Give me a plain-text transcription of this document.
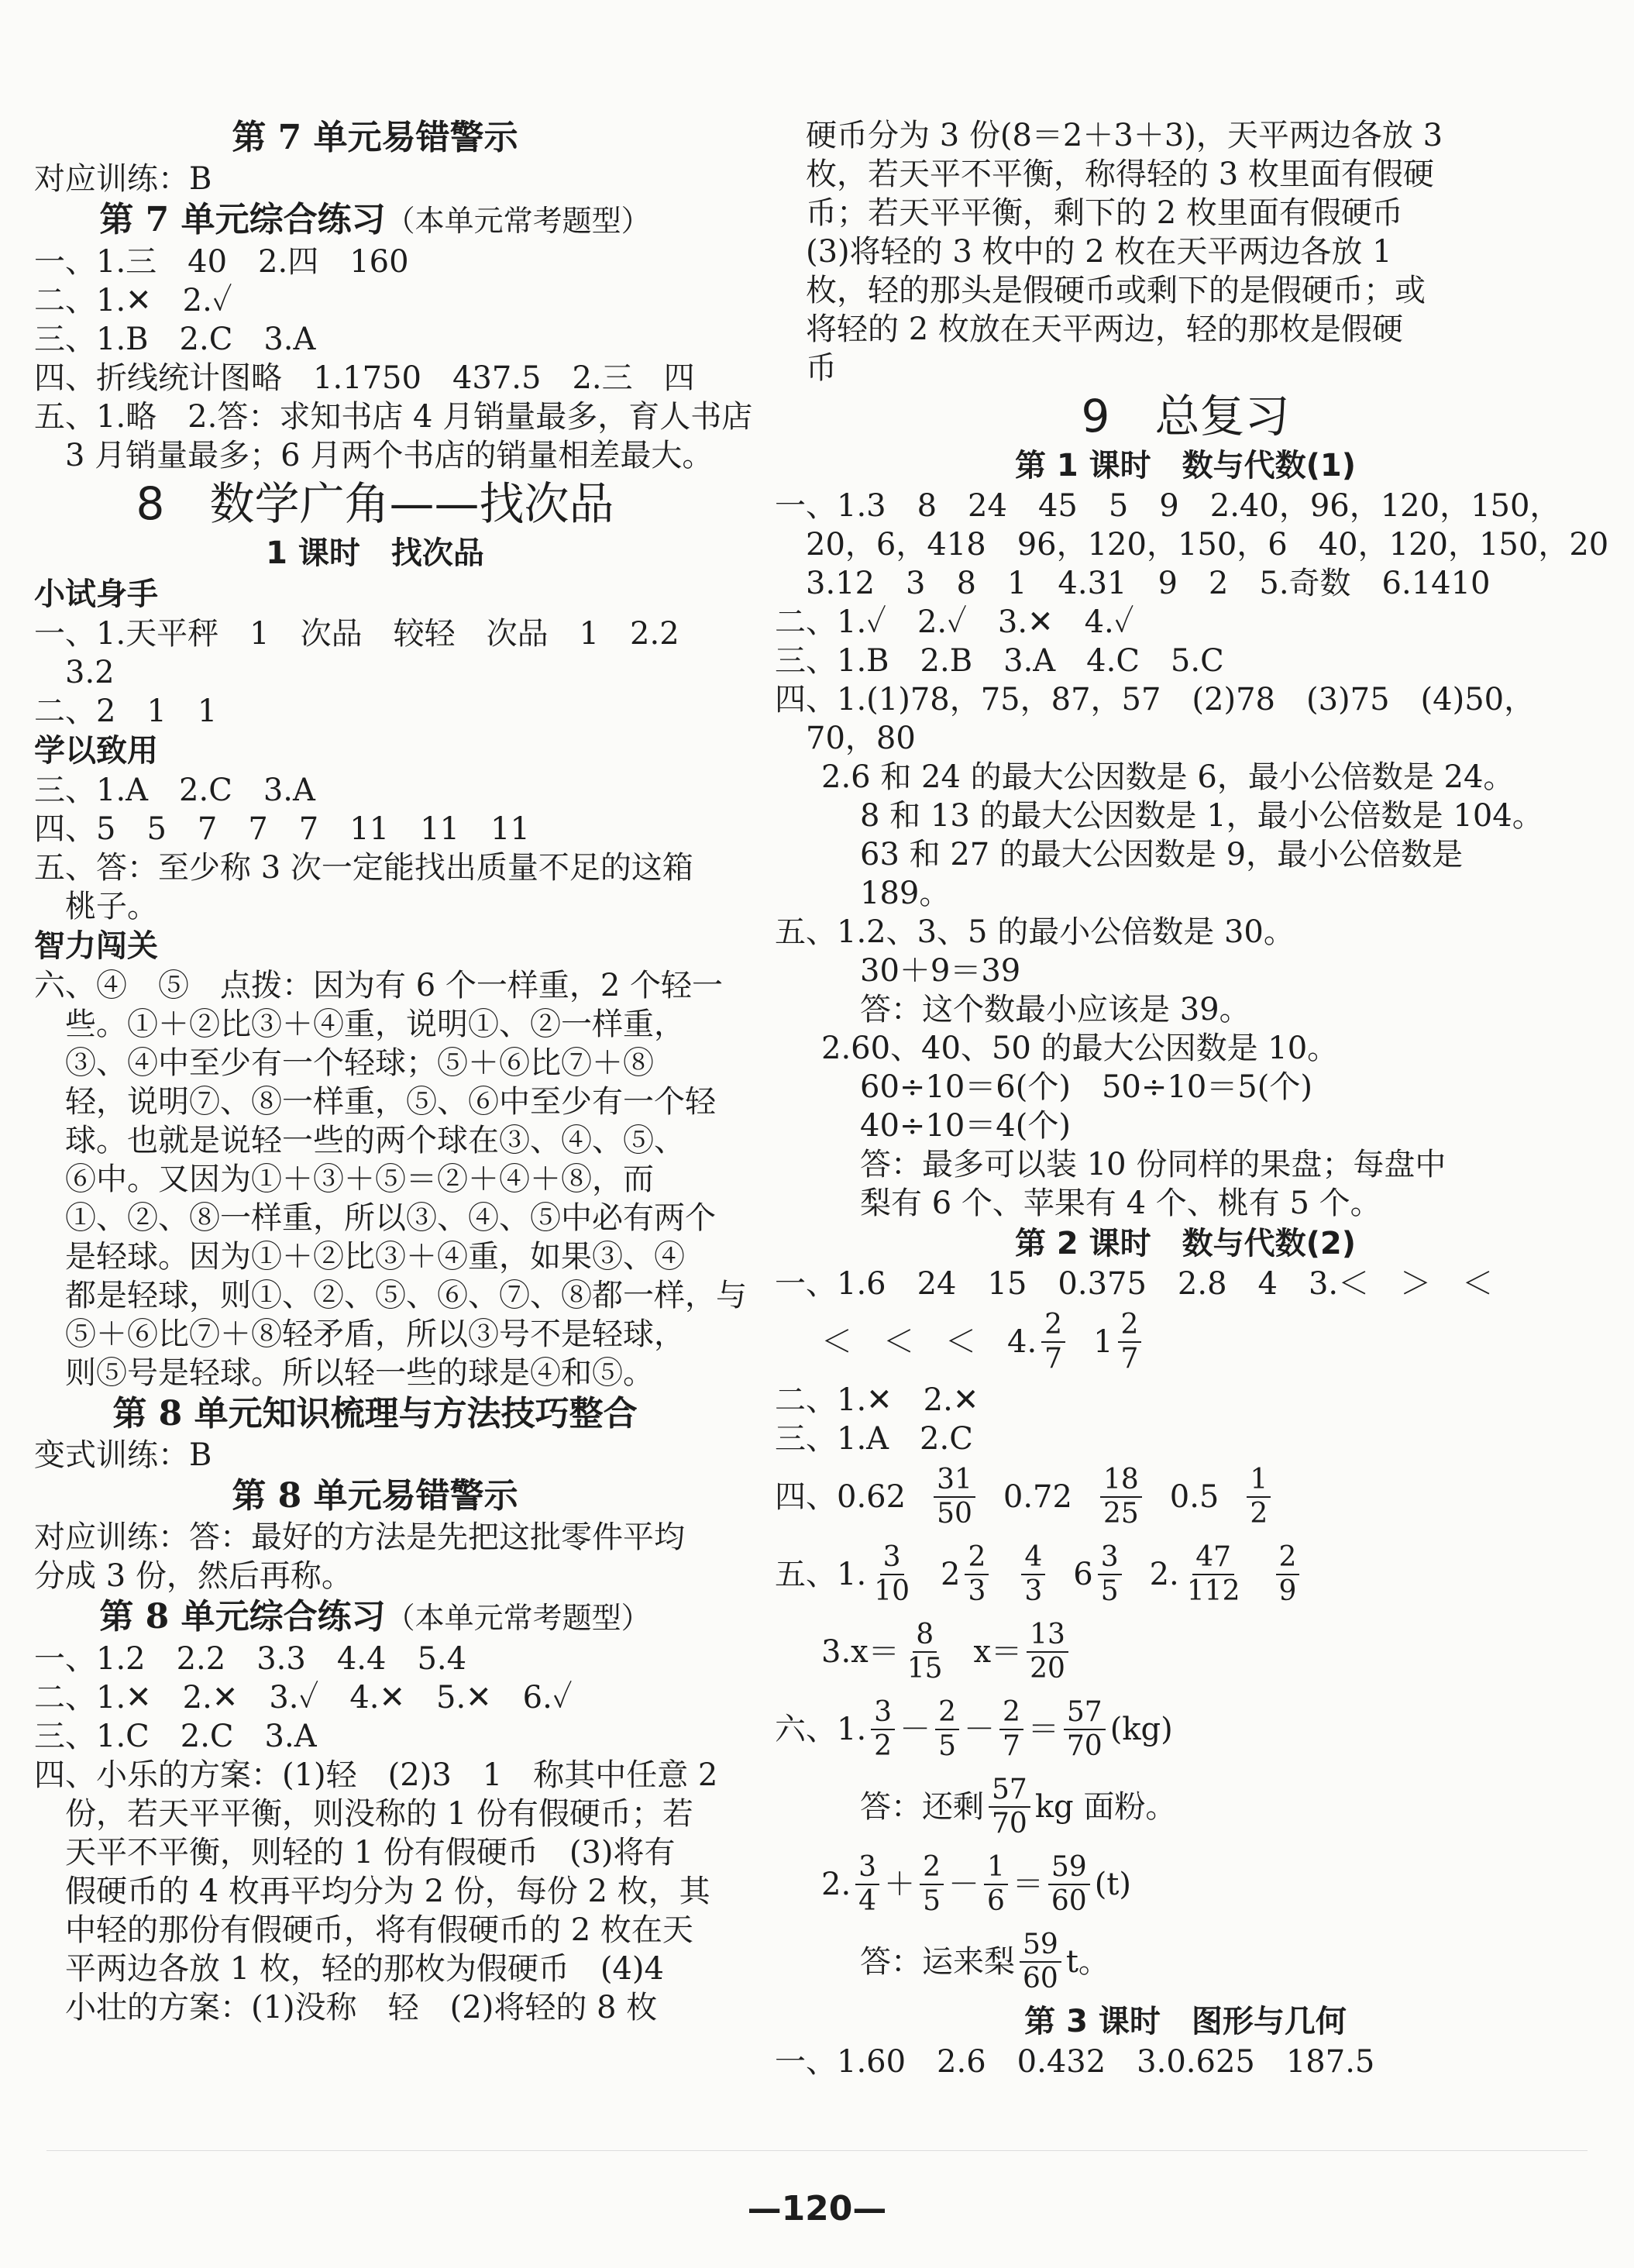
第 7 单元易错警示
对应训练：B
第 7 单元综合练习（本单元常考题型）
一、1.三　40　2.四　160
二、1.✕　2.✓
三、1.B　2.C　3.A
四、折线统计图略　1.1750　437.5　2.三　四
五、1.略　2.答：求知书店 4 月销量最多，育人书店
　3 月销量最多；6 月两个书店的销量相差最大。
8　数学广角——找次品
1 课时　找次品
小试身手
一、1.天平秤　1　次品　较轻　次品　1　2.2
　3.2
二、2　1　1
学以致用
三、1.A　2.C　3.A
四、5　5　7　7　7　11　11　11
五、答：至少称 3 次一定能找出质量不足的这箱
　桃子。
智力闯关
六、④　⑤　点拨：因为有 6 个一样重，2 个轻一
　些。①＋②比③＋④重，说明①、②一样重，
　③、④中至少有一个轻球；⑤＋⑥比⑦＋⑧
　轻，说明⑦、⑧一样重，⑤、⑥中至少有一个轻
　球。也就是说轻一些的两个球在③、④、⑤、
　⑥中。又因为①＋③＋⑤＝②＋④＋⑧，而
　①、②、⑧一样重，所以③、④、⑤中必有两个
　是轻球。因为①＋②比③＋④重，如果③、④
　都是轻球，则①、②、⑤、⑥、⑦、⑧都一样，与
　⑤＋⑥比⑦＋⑧轻矛盾，所以③号不是轻球，
　则⑤号是轻球。所以轻一些的球是④和⑤。
第 8 单元知识梳理与方法技巧整合
变式训练：B
第 8 单元易错警示
对应训练：答：最好的方法是先把这批零件平均
分成 3 份，然后再称。
第 8 单元综合练习（本单元常考题型）
一、1.2　2.2　3.3　4.4　5.4
二、1.✕　2.✕　3.✓　4.✕　5.✕　6.✓
三、1.C　2.C　3.A
四、小乐的方案：(1)轻　(2)3　1　称其中任意 2
　份，若天平平衡，则没称的 1 份有假硬币；若
　天平不平衡，则轻的 1 份有假硬币　(3)将有
　假硬币的 4 枚再平均分为 2 份，每份 2 枚，其
　中轻的那份有假硬币，将有假硬币的 2 枚在天
　平两边各放 1 枚，轻的那枚为假硬币　(4)4
　小壮的方案：(1)没称　轻　(2)将轻的 8 枚
　硬币分为 3 份(8＝2＋3＋3)，天平两边各放 3
　枚，若天平不平衡，称得轻的 3 枚里面有假硬
　币；若天平平衡，剩下的 2 枚里面有假硬币
　(3)将轻的 3 枚中的 2 枚在天平两边各放 1
　枚，轻的那头是假硬币或剩下的是假硬币；或
　将轻的 2 枚放在天平两边，轻的那枚是假硬
　币
9　总复习
第 1 课时　数与代数(1)
一、1.3　8　24　45　5　9　2.40，96，120，150，
　20，6，418　96，120，150，6　40，120，150，20
　3.12　3　8　1　4.31　9　2　5.奇数　6.1410
二、1.✓　2.✓　3.✕　4.✓
三、1.B　2.B　3.A　4.C　5.C
四、1.(1)78，75，87，57　(2)78　(3)75　(4)50，
　70，80
2.6 和 24 的最大公因数是 6，最小公倍数是 24。
8 和 13 的最大公因数是 1，最小公倍数是 104。
63 和 27 的最大公因数是 9，最小公倍数是
189。
五、1.2、3、5 的最小公倍数是 30。
30＋9＝39
答：这个数最小应该是 39。
2.60、40、50 的最大公因数是 10。
60÷10＝6(个)　50÷10＝5(个)
40÷10＝4(个)
答：最多可以装 10 份同样的果盘；每盘中
梨有 6 个、苹果有 4 个、桃有 5 个。
第 2 课时　数与代数(2)
一、1.6　24　15　0.375　2.8　4　3.＜　＞　＜
＜　＜　＜　4. $\frac{2}{7} 1 \frac{2}{7}$
二、1.✕　2.✕
三、1.A　2.C
四、$0.62 \frac{31}{50} 0.72 \frac{18}{25} 0.5 \frac{1}{2}$
五、1. $\frac{3}{10} 2 \frac{2}{3} \frac{4}{3} 6 \frac{3}{5} 2$. $\frac{47}{112} \frac{2}{9}$
$3.x= \frac{8}{15} x= \frac{13}{20}$
六、1. $\frac{3}{2} - \frac{2}{5} - \frac{2}{7} = \frac{57}{70} (kg)$
答：还剩 $\frac{57}{70}$ kg 面粉。
2. $\frac{3}{4} + \frac{2}{5} - \frac{1}{6} = \frac{59}{60} (t)$
答：运来梨 $\frac{59}{60}$ t。
第 3 课时　图形与几何
一、1.60　2.6　0.432　3.0.625　187.5
—120—
